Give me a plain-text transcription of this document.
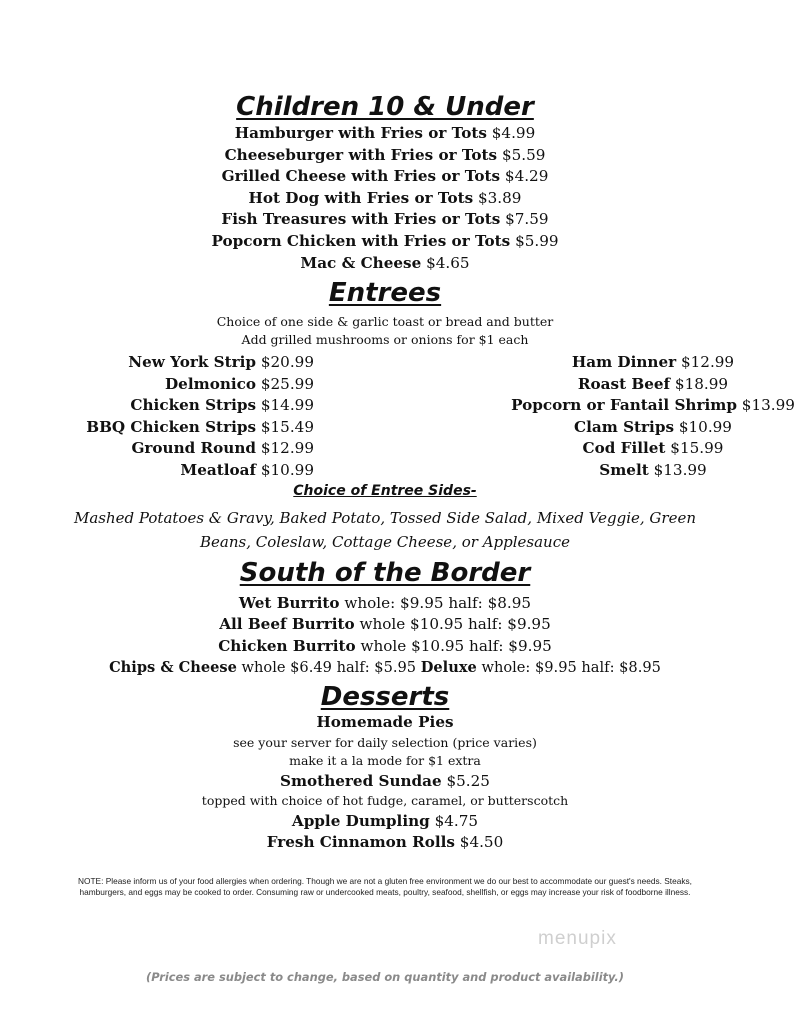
Children 10 & Under
Hamburger with Fries or Tots $4.99
Cheeseburger with Fries or Tots $5.59
Grilled Cheese with Fries or Tots $4.29
Hot Dog with Fries or Tots $3.89
Fish Treasures with Fries or Tots $7.59
Popcorn Chicken with Fries or Tots $5.99
Mac & Cheese $4.65
Entrees
Choice of one side & garlic toast or bread and butter
Add grilled mushrooms or onions for $1 each
New York Strip $20.99
Delmonico $25.99
Chicken Strips $14.99
BBQ Chicken Strips $15.49
Ground Round $12.99
Meatloaf $10.99
Ham Dinner $12.99
Roast Beef $18.99
Popcorn or Fantail Shrimp $13.99
Clam Strips $10.99
Cod Fillet $15.99
Smelt $13.99
Choice of Entree Sides-
Mashed Potatoes & Gravy, Baked Potato, Tossed Side Salad, Mixed Veggie, Green Beans, Coleslaw, Cottage Cheese, or Applesauce
South of the Border
Wet Burrito whole: $9.95 half: $8.95
All Beef Burrito whole $10.95 half: $9.95
Chicken Burrito whole $10.95 half: $9.95
Chips & Cheese whole $6.49 half: $5.95 Deluxe whole: $9.95 half: $8.95
Desserts
Homemade Pies
see your server for daily selection (price varies)
make it a la mode for $1 extra
Smothered Sundae $5.25
topped with choice of hot fudge, caramel, or butterscotch
Apple Dumpling $4.75
Fresh Cinnamon Rolls $4.50
NOTE: Please inform us of your food allergies when ordering. Though we are not a gluten free environment we do our best to accommodate our guest's needs. Steaks, hamburgers, and eggs may be cooked to order. Consuming raw or undercooked meats, poultry, seafood, shellfish, or eggs may increase your risk of foodborne illness.
menupix
(Prices are subject to change, based on quantity and product availability.)
